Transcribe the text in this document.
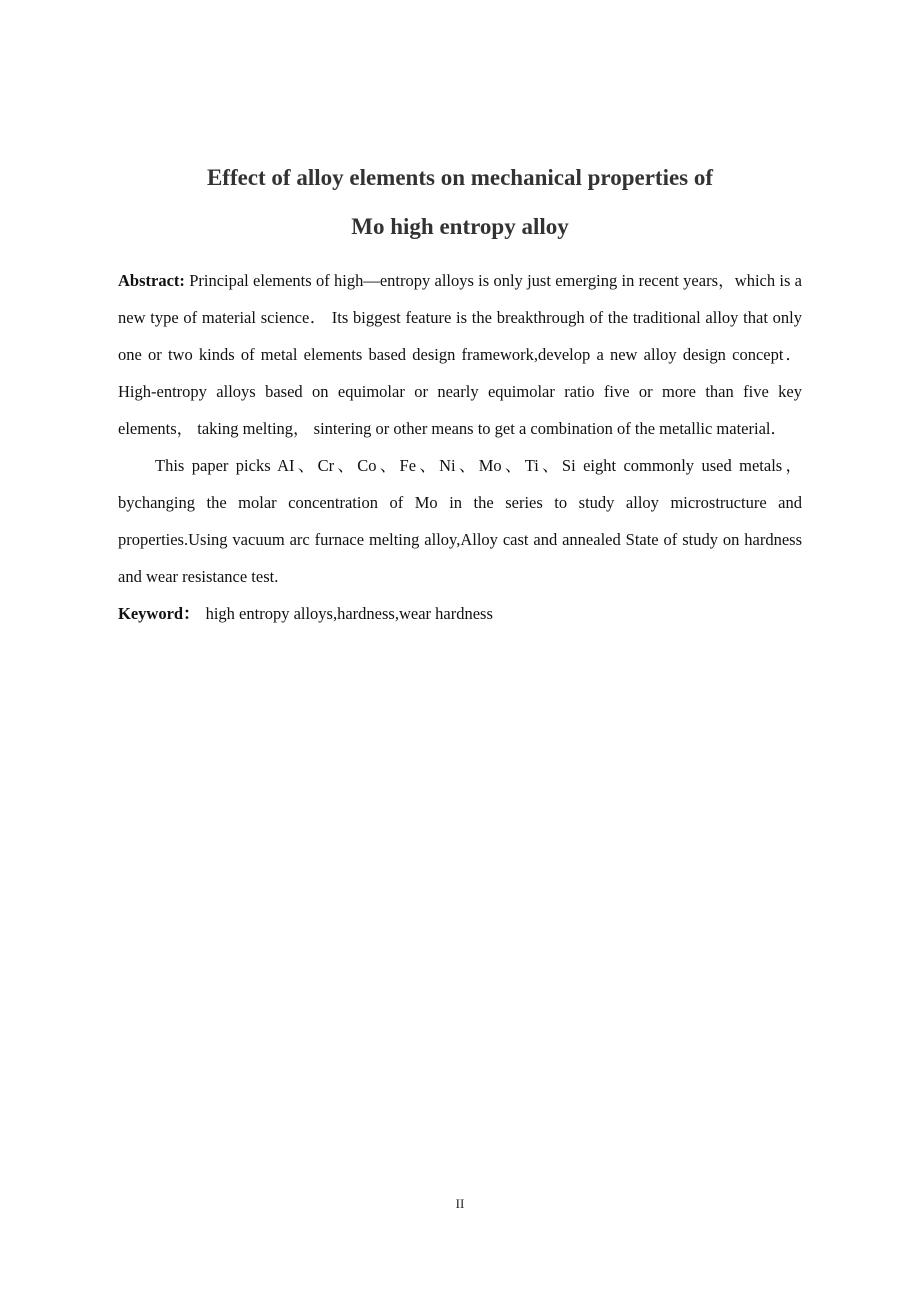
Effect of alloy elements on mechanical properties of
Mo high entropy alloy

Abstract: Principal elements of high—entropy alloys is only just emerging in recent years，which is a new type of material science． Its biggest feature is the breakthrough of the traditional alloy that only one or two kinds of metal elements based design framework,develop a new alloy design concept．High-entropy alloys based on equimolar or nearly equimolar ratio five or more than five key elements， taking melting， sintering or other means to get a combination of the metallic material．

This paper picks AI、Cr、Co、Fe、Ni、Mo、Ti、Si eight commonly used metals，bychanging the molar concentration of Mo in the series to study alloy microstructure and properties.Using vacuum arc furnace melting alloy,Alloy cast and annealed State of study on hardness and wear resistance test.

Keyword： high entropy alloys,hardness,wear hardness

II
